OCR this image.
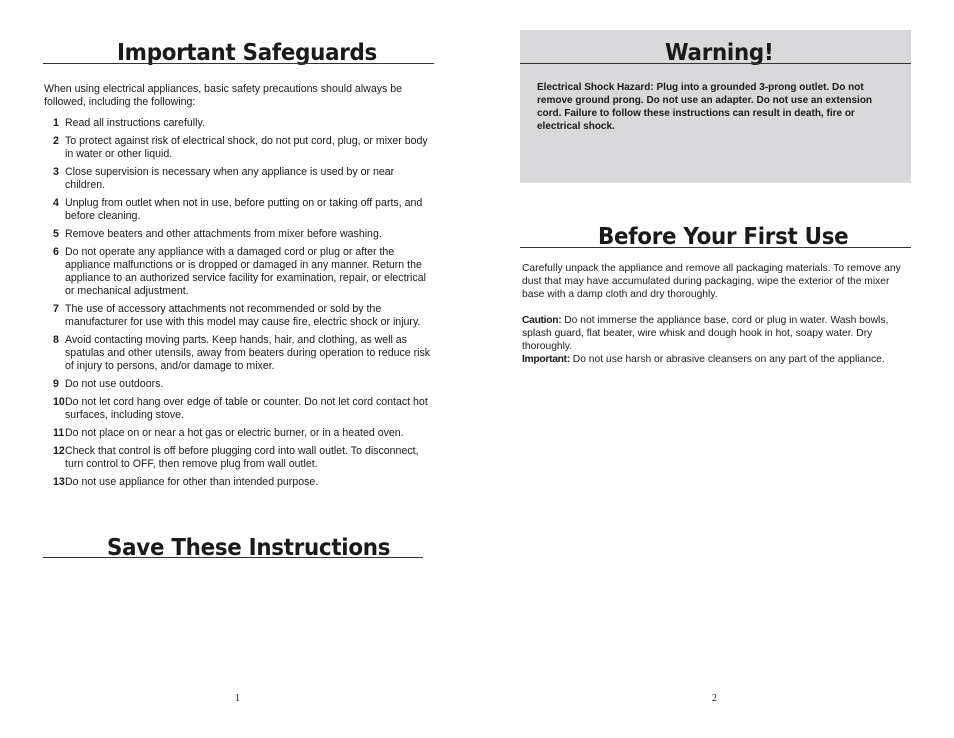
Important Safeguards
When using electrical appliances, basic safety precautions should always be followed, including the following:
1 Read all instructions carefully.
2 To protect against risk of electrical shock, do not put cord, plug, or mixer body in water or other liquid.
3 Close supervision is necessary when any appliance is used by or near children.
4 Unplug from outlet when not in use, before putting on or taking off parts, and before cleaning.
5 Remove beaters and other attachments from mixer before washing.
6 Do not operate any appliance with a damaged cord or plug or after the appliance malfunctions or is dropped or damaged in any manner. Return the appliance to an authorized service facility for examination, repair, or electrical or mechanical adjustment.
7 The use of accessory attachments not recommended or sold by the manufacturer for use with this model may cause fire, electric shock or injury.
8 Avoid contacting moving parts. Keep hands, hair, and clothing, as well as spatulas and other utensils, away from beaters during operation to reduce risk of injury to persons, and/or damage to mixer.
9 Do not use outdoors.
10 Do not let cord hang over edge of table or counter. Do not let cord contact hot surfaces, including stove.
11 Do not place on or near a hot gas or electric burner, or in a heated oven.
12 Check that control is off before plugging cord into wall outlet. To disconnect, turn control to OFF, then remove plug from wall outlet.
13 Do not use appliance for other than intended purpose.
Save These Instructions
1
Warning!
Electrical Shock Hazard: Plug into a grounded 3-prong outlet. Do not remove ground prong. Do not use an adapter. Do not use an extension cord. Failure to follow these instructions can result in death, fire or electrical shock.
Before Your First Use
Carefully unpack the appliance and remove all packaging materials. To remove any dust that may have accumulated during packaging, wipe the exterior of the mixer base with a damp cloth and dry thoroughly.
Caution: Do not immerse the appliance base, cord or plug in water. Wash bowls, splash guard, flat beater, wire whisk and dough hook in hot, soapy water. Dry thoroughly.
Important: Do not use harsh or abrasive cleansers on any part of the appliance.
2
